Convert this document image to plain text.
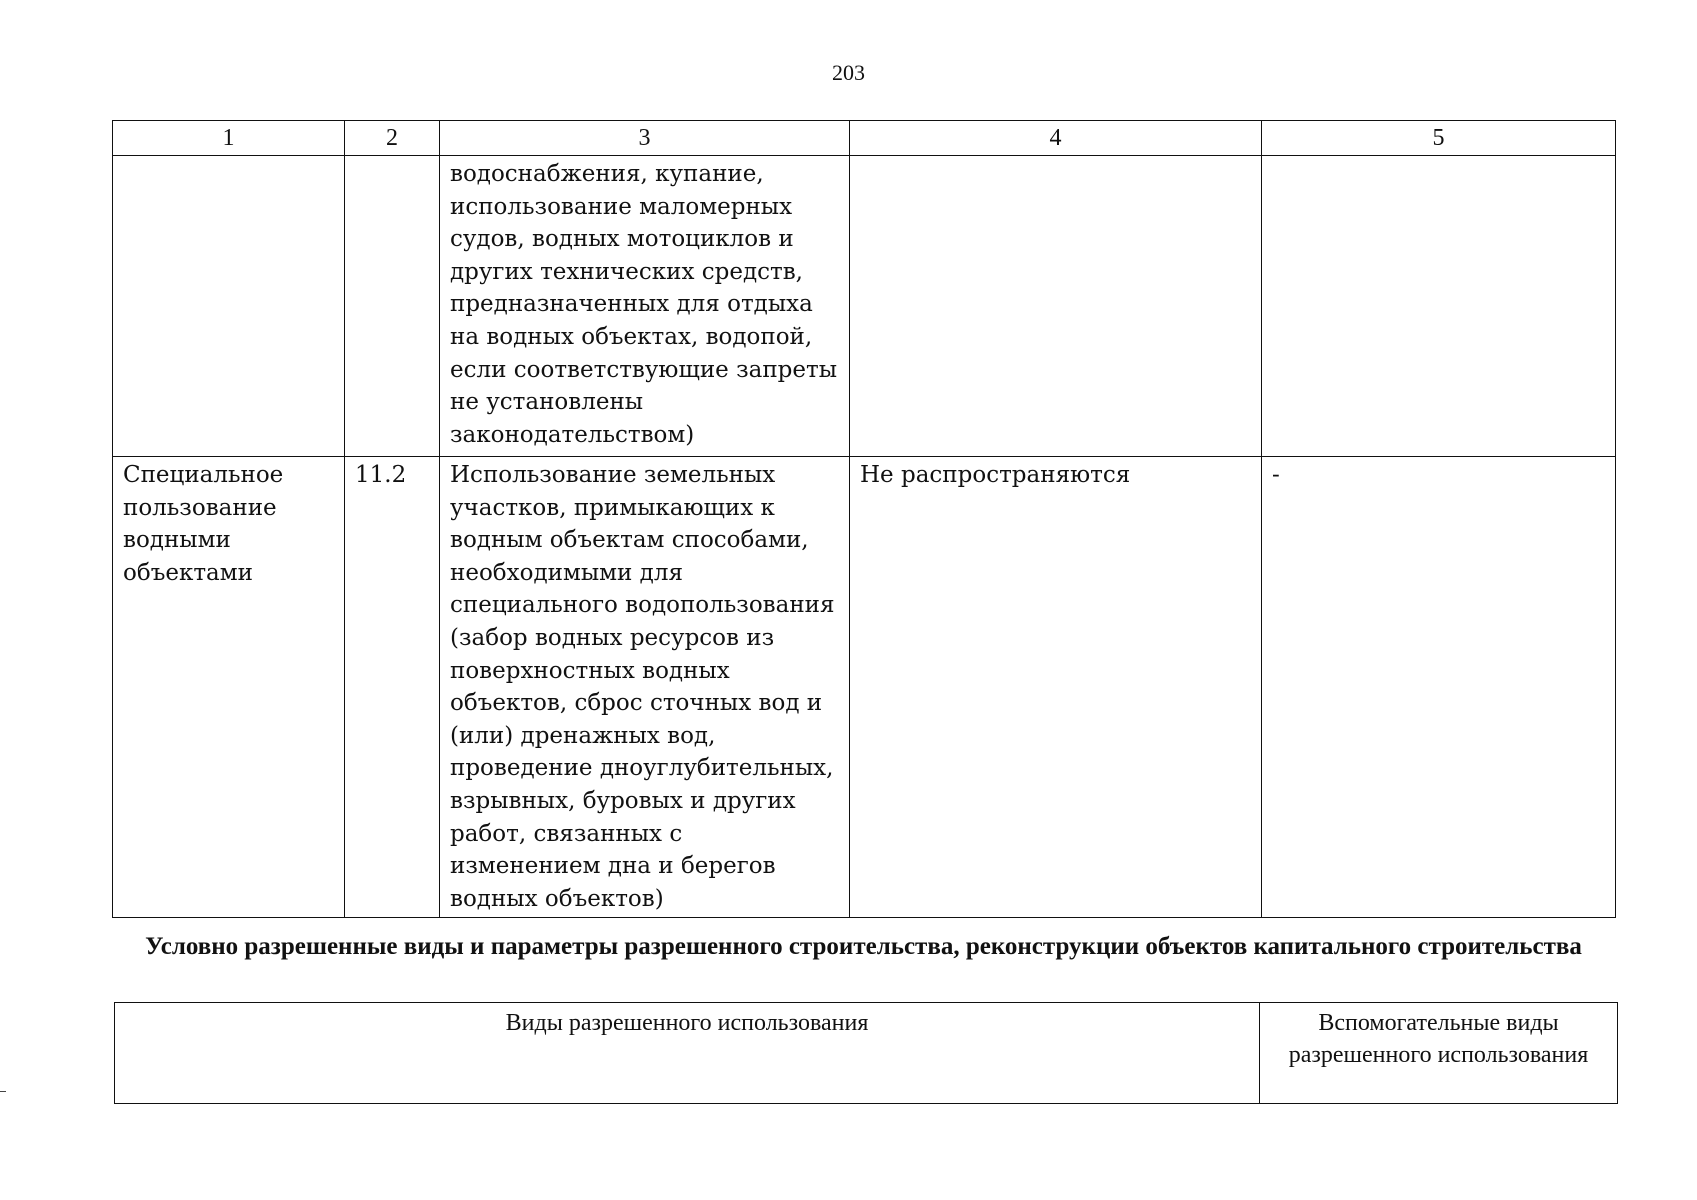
203
1	2	3	4	5
		водоснабжения, купание, использование маломерных судов, водных мотоциклов и других технических средств, предназначенных для отдыха на водных объектах, водопой, если соответствующие запреты не установлены законодательством)		
Специальное пользование водными объектами	11.2	Использование земельных участков, примыкающих к водным объектам способами, необходимыми для специального водопользования (забор водных ресурсов из поверхностных водных объектов, сброс сточных вод и (или) дренажных вод, проведение дноуглубительных, взрывных, буровых и других работ, связанных с изменением дна и берегов водных объектов)	Не распространяются	-
Условно разрешенные виды и параметры разрешенного строительства, реконструкции объектов капитального строительства
Виды разрешенного использования	Вспомогательные виды разрешенного использования
